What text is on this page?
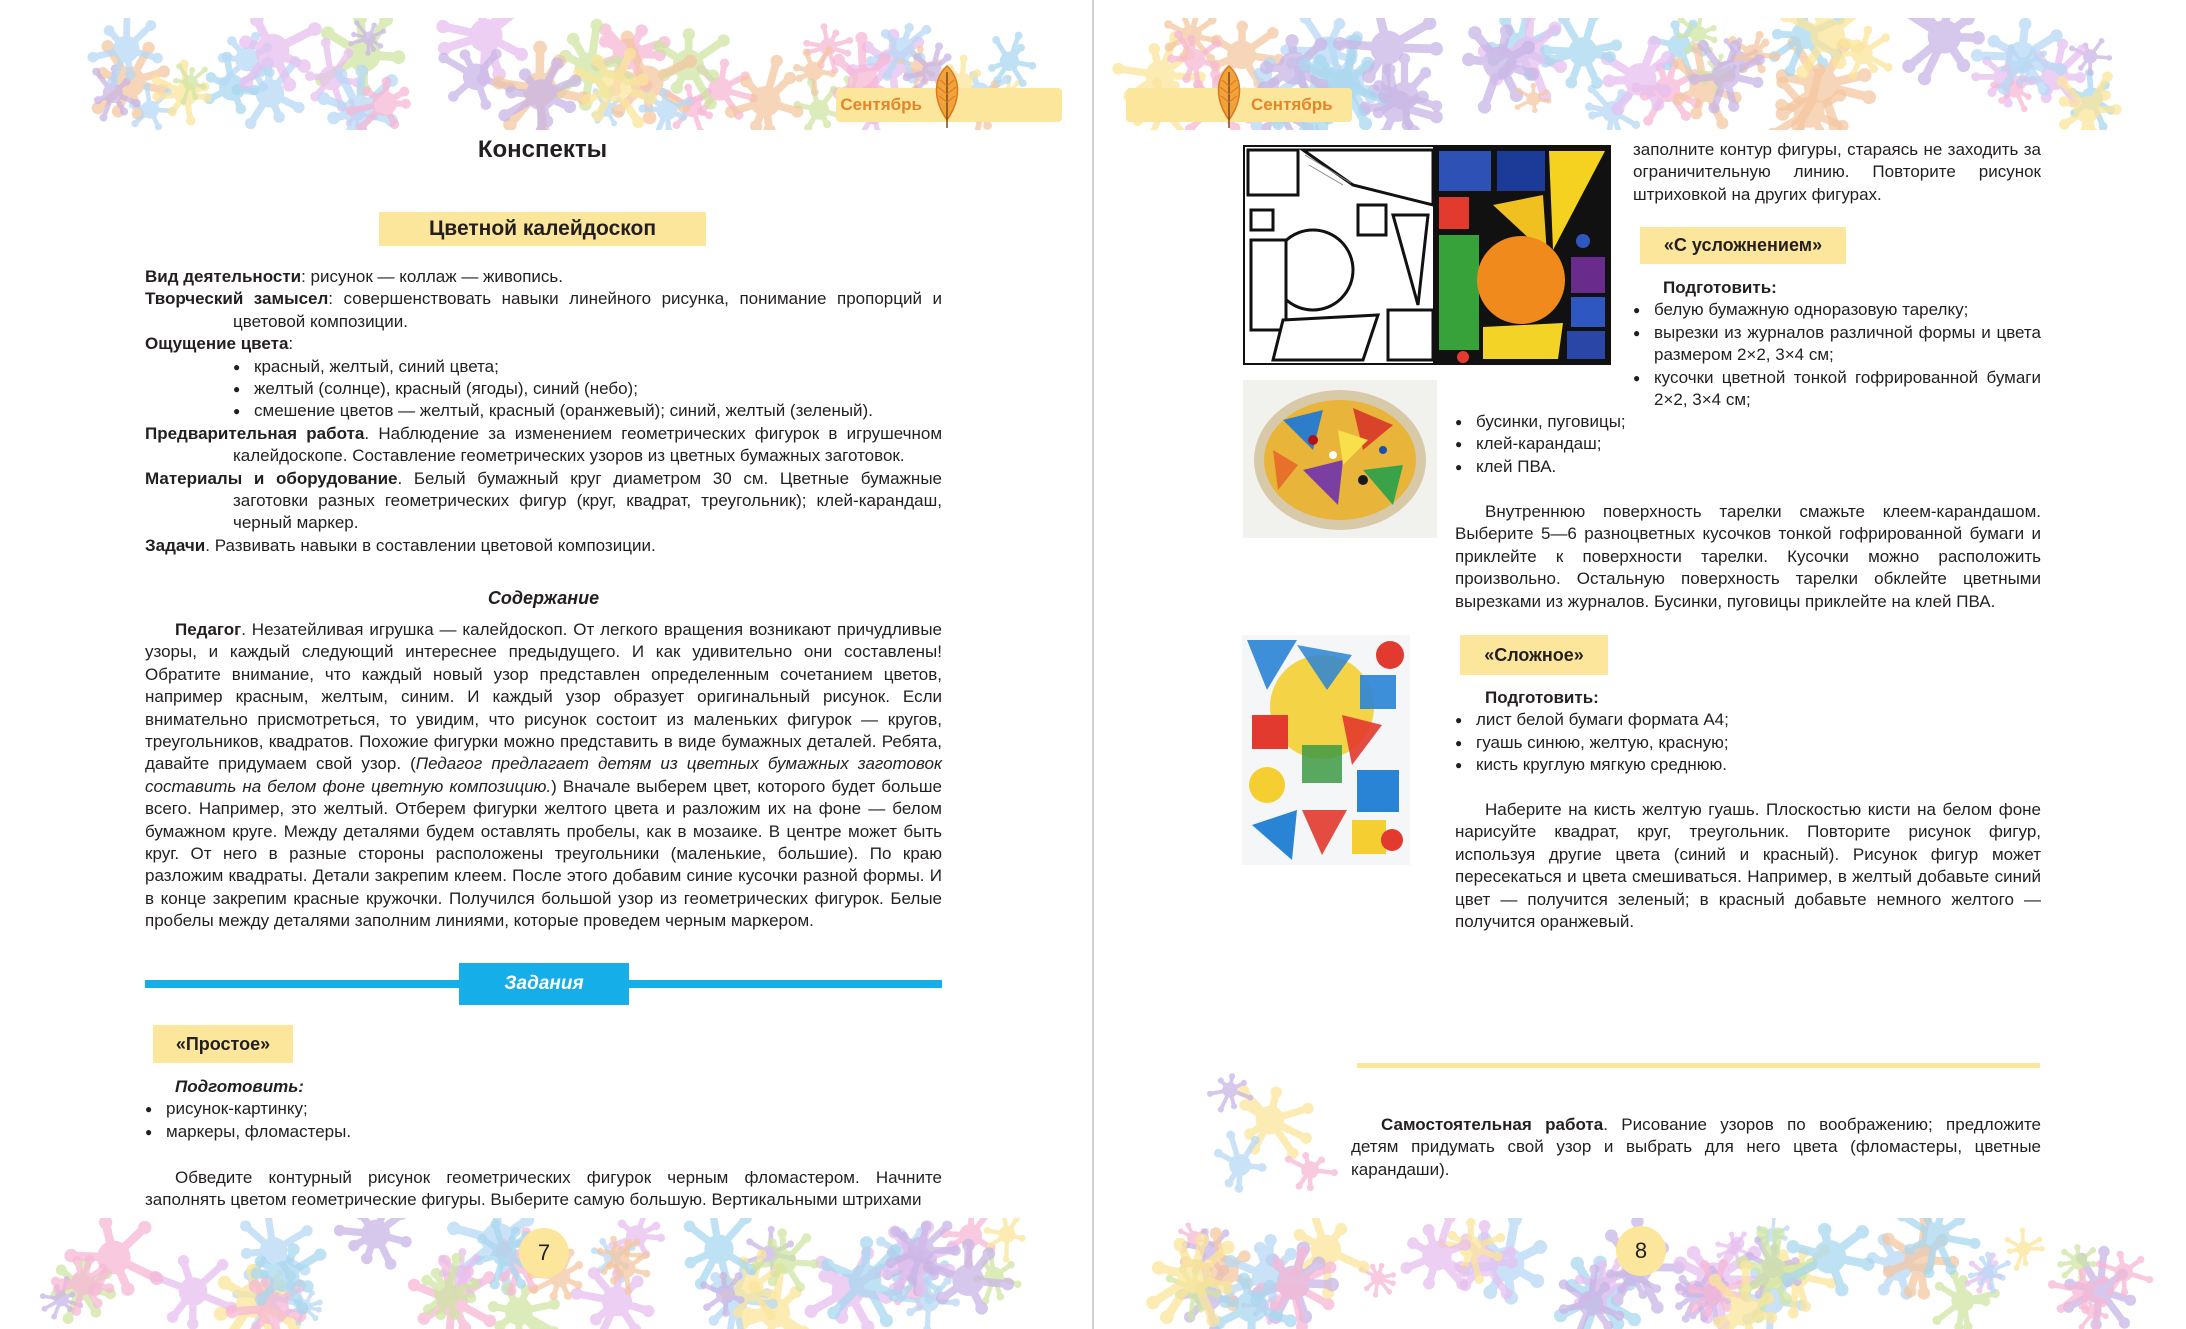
Сентябрь	Сентябрь
Конспекты
Цветной калейдоскоп

Вид деятельности: рисунок — коллаж — живопись.

Творческий замысел: совершенствовать навыки линейного рисунка, понимание пропорций и цветовой композиции.

Ощущение цвета:

● красный, желтый, синий цвета;
● желтый (солнце), красный (ягоды), синий (небо);
● смешение цветов — желтый, красный (оранжевый); синий, желтый (зеленый).

Предварительная работа. Наблюдение за изменением геометрических фигурок в игрушечном калейдоскопе. Составление геометрических узоров из цветных бумажных заготовок.

Материалы и оборудование. Белый бумажный круг диаметром 30 см. Цветные бумажные заготовки разных геометрических фигур (круг, квадрат, треугольник); клей-карандаш, черный маркер.

Задачи. Развивать навыки в составлении цветовой композиции.

Содержание
Педагог. Незатейливая игрушка — калейдоскоп. От легкого вращения возникают причудливые узоры, и каждый следующий интереснее предыдущего. И как удивительно они составлены! Обратите внимание, что каждый новый узор представлен определенным сочетанием цветов, например красным, желтым, синим. И каждый узор образует оригинальный рисунок. Если внимательно присмотреться, то увидим, что рисунок состоит из маленьких фигурок — кругов, треугольников, квадратов. Похожие фигурки можно представить в виде бумажных деталей. Ребята, давайте придумаем свой узор. (Педагог предлагает детям из цветных бумажных заготовок составить на белом фоне цветную композицию.) Вначале выберем цвет, которого будет больше всего. Например, это желтый. Отберем фигурки желтого цвета и разложим их на фоне — белом бумажном круге. Между деталями будем оставлять пробелы, как в мозаике. В центре может быть круг. От него в разные стороны расположены треугольники (маленькие, большие). По краю разложим квадраты. Детали закрепим клеем. После этого добавим синие кусочки разной формы. И в конце закрепим красные кружочки. Получился большой узор из геометрических фигурок. Белые пробелы между деталями заполним линиями, которые проведем черным маркером.
Задания
«Простое»

Подготовить:

● рисунок-картинку;
● маркеры, фломастеры.
Обведите контурный рисунок геометрических фигурок черным фломастером. Начните заполнять цветом геометрические фигуры. Выберите самую большую. Вертикальными штрихами
7
заполните контур фигуры, стараясь не заходить за ограничительную линию. Повторите рисунок штриховкой на других фигурах.
«С усложнением»

Подготовить:

● белую бумажную одноразовую тарелку;
● вырезки из журналов различной формы и цвета размером 2×2, 3×4 см;
● кусочки цветной тонкой гофрированной бумаги 2×2, 3×4 см;
● бусинки, пуговицы;
● клей-карандаш;
● клей ПВА.
Внутреннюю поверхность тарелки смажьте клеем-карандашом. Выберите 5—6 разноцветных кусочков тонкой гофрированной бумаги и приклейте к поверхности тарелки. Кусочки можно расположить произвольно. Остальную поверхность тарелки обклейте цветными вырезками из журналов. Бусинки, пуговицы приклейте на клей ПВА.
«Сложное»

Подготовить:

● лист белой бумаги формата А4;
● гуашь синюю, желтую, красную;
● кисть круглую мягкую среднюю.
Наберите на кисть желтую гуашь. Плоскостью кисти на белом фоне нарисуйте квадрат, круг, треугольник. Повторите рисунок фигур, используя другие цвета (синий и красный). Рисунок фигур может пересекаться и цвета смешиваться. Например, в желтый добавьте синий цвет — получится зеленый; в красный добавьте немного желтого — получится оранжевый.
Самостоятельная работа. Рисование узоров по воображению; предложите детям придумать свой узор и выбрать для него цвета (фломастеры, цветные карандаши).
8
